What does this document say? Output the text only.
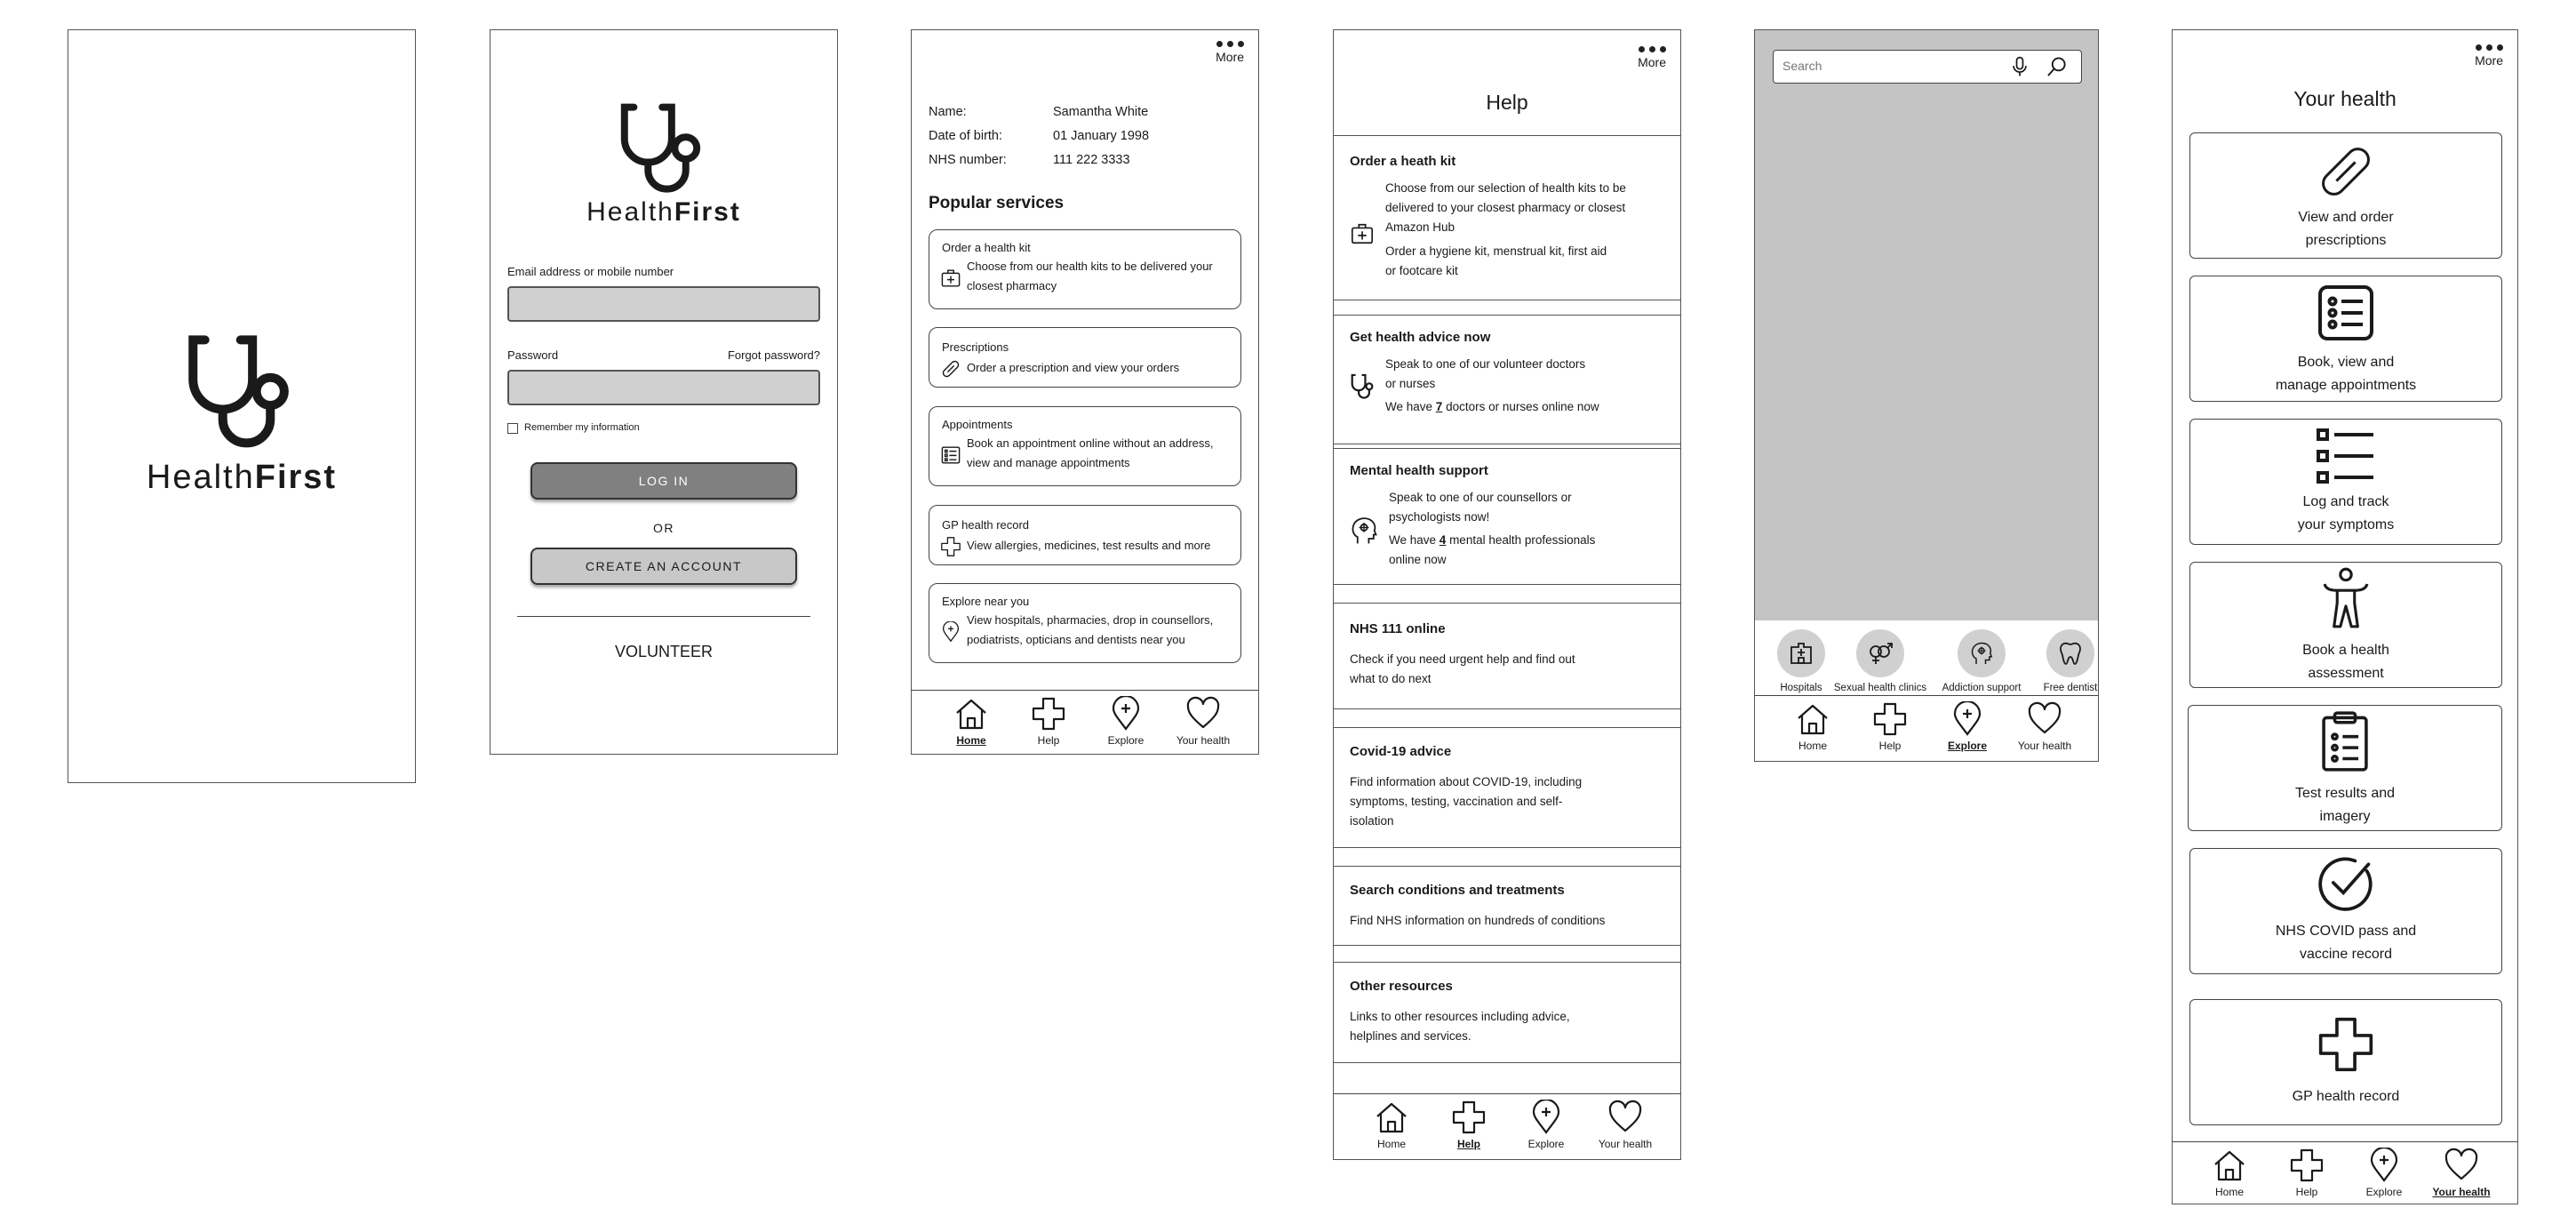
HealthFirst
HealthFirst
Email address or mobile number
Password	Forgot password?
Remember my information
LOG IN
OR
CREATE AN ACCOUNT
VOLUNTEER
More
Name:	Samantha White
Date of birth:	01 January 1998
NHS number:	111 222 3333
Popular services
Order a health kit
Choose from our health kits to be delivered your
closest pharmacy
Prescriptions
Order a prescription and view your orders
Appointments
Book an appointment online without an address,
view and manage appointments
GP health record
View allergies, medicines, test results and more
Explore near you
View hospitals, pharmacies, drop in counsellors,
podiatrists, opticians and dentists near you
Home	Help	Explore	Your health
More
Help
Order a heath kit
Choose from our selection of health kits to be
delivered to your closest pharmacy or closest
Amazon Hub
Order a hygiene kit, menstrual kit, first aid
or footcare kit
Get health advice now
Speak to one of our volunteer doctors
or nurses
We have 7 doctors or nurses online now
Mental health support
Speak to one of our counsellors or
psychologists now!
We have 4 mental health professionals
online now
NHS 111 online
Check if you need urgent help and find out
what to do next
Covid-19 advice
Find information about COVID-19, including
symptoms, testing, vaccination and self-
isolation
Search conditions and treatments
Find NHS information on hundreds of conditions
Other resources
Links to other resources including advice,
helplines and services.
Home	Help	Explore	Your health
Search
Hospitals	Sexual health clinics	Addiction support	Free dentist
Home	Help	Explore	Your health
More
Your health
View and order
prescriptions
Book, view and
manage appointments
Log and track
your symptoms
Book a health
assessment
Test results and
imagery
NHS COVID pass and
vaccine record
GP health record
Home	Help	Explore	Your health
